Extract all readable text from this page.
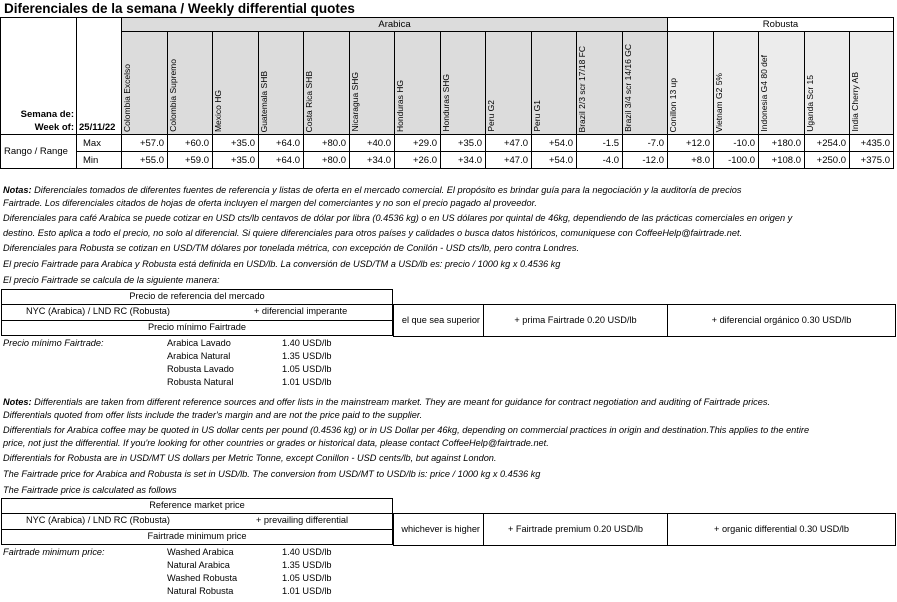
Diferenciales de la semana / Weekly differential quotes
Semana de:
Week of:	25/11/22	Arabica												Robusta				

		Colombia Excelso	Colombia Supremo	Mexico HG	Guatemala SHB	Costa Rica SHB	Nicaragua SHG	Honduras HG	Honduras SHG	Peru G2	Peru G1	Brazil 2/3 scr 17/18 FC	Brazil 3/4 scr 14/16 GC	Conillon 13 up	Vietnam G2 5%	Indonesia G4 80 def	Uganda Scr 15	India Cherry AB

Rango / Range	Max	+57.0	+60.0	+35.0	+64.0	+80.0	+40.0	+29.0	+35.0	+47.0	+54.0	-1.5	-7.0	+12.0	-10.0	+180.0	+254.0	+435.0
	Min	+55.0	+59.0	+35.0	+64.0	+80.0	+34.0	+26.0	+34.0	+47.0	+54.0	-4.0	-12.0	+8.0	-100.0	+108.0	+250.0	+375.0
Notas: Diferenciales tomados de diferentes fuentes de referencia y listas de oferta en el mercado comercial. El propósito es brindar guía para la negociación y la auditoría de precios
Fairtrade. Los diferenciales citados de hojas de oferta incluyen el margen del comerciantes y no son el precio pagado al proveedor.
Diferenciales para café Arabica se puede cotizar en USD cts/lb centavos de dólar por libra (0.4536 kg) o en US dólares por quintal de 46kg, dependiendo de las prácticas comerciales en origen y
destino. Esto aplica a todo el precio, no solo al diferencial. Si quiere diferenciales para otros países y calidades o busca datos históricos, comuniquese con CoffeeHelp@fairtrade.net.
Diferenciales para Robusta se cotizan en USD/TM dólares por tonelada métrica, con excepción de Conilón - USD cts/lb, pero contra Londres.
El precio Fairtrade para Arabica y Robusta está definida en USD/lb. La conversión de USD/TM a USD/lb es: precio / 1000 kg x 0.4536 kg
El precio Fairtrade se calcula de la siguiente manera:
Precio de referencia del mercado
NYC (Arabica) / LND RC (Robusta)	+ diferencial imperante
Precio mínimo Fairtrade
el que sea superior	+ prima Fairtrade 0.20 USD/lb	+ diferencial orgánico 0.30 USD/lb
Precio mínimo Fairtrade:	Arabica Lavado	1.40 USD/lb
Arabica Natural	1.35 USD/lb
Robusta Lavado	1.05 USD/lb
Robusta Natural	1.01 USD/lb
Notes: Differentials are taken from different reference sources and offer lists in the mainstream market. They are meant for guidance for contract negotiation and auditing of Fairtrade prices.
Differentials quoted from offer lists include the trader's margin and are not the price paid to the supplier.
Differentials for Arabica coffee may be quoted in US dollar cents per pound (0.4536 kg) or in US Dollar per 46kg, depending on commercial practices in origin and destination.This applies to the entire
price, not just the differential. If you're looking for other countries or grades or historical data, please contact CoffeeHelp@fairtrade.net.
Differentials for Robusta are in USD/MT US dollars per Metric Tonne, except Conillon - USD cents/lb, but against London.
The Fairtrade price for Arabica and Robusta is set in USD/lb. The conversion from USD/MT to USD/lb is: price / 1000 kg x 0.4536 kg
The Fairtrade price is calculated as follows
Reference market price
NYC (Arabica) / LND RC (Robusta)	+ prevailing differential
Fairtrade minimum price
whichever is higher	+ Fairtrade premium 0.20 USD/lb	+ organic differential 0.30 USD/lb
Fairtrade minimum price:	Washed Arabica	1.40 USD/lb
Natural Arabica	1.35 USD/lb
Washed Robusta	1.05 USD/lb
Natural Robusta	1.01 USD/lb
